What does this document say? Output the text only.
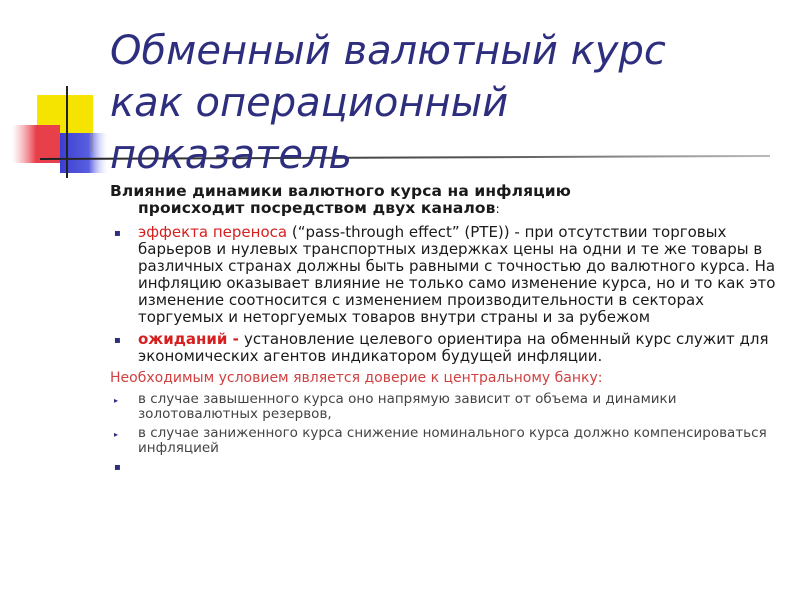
Обменный валютный курс
как операционный
показатель

Влияние динамики валютного курса на инфляцию
происходит посредством двух каналов:

▪ эффекта переноса (“pass-through effect” (PTE)) - при отсутствии торговых барьеров и нулевых транспортных издержках цены на одни и те же товары в различных странах должны быть равными с точностью до валютного курса. На инфляцию оказывает влияние не только само изменение курса, но и то как это изменение соотносится с изменением производительности в секторах торгуемых и неторгуемых товаров внутри страны и за рубежом
▪ ожиданий - установление целевого ориентира на обменный курс служит для экономических агентов индикатором будущей инфляции.

Необходимым условием является доверие к центральному банку:

▸ в случае завышенного курса оно напрямую зависит от объема и динамики золотовалютных резервов,
▸ в случае заниженного курса снижение номинального курса должно компенсироваться инфляцией
▪
